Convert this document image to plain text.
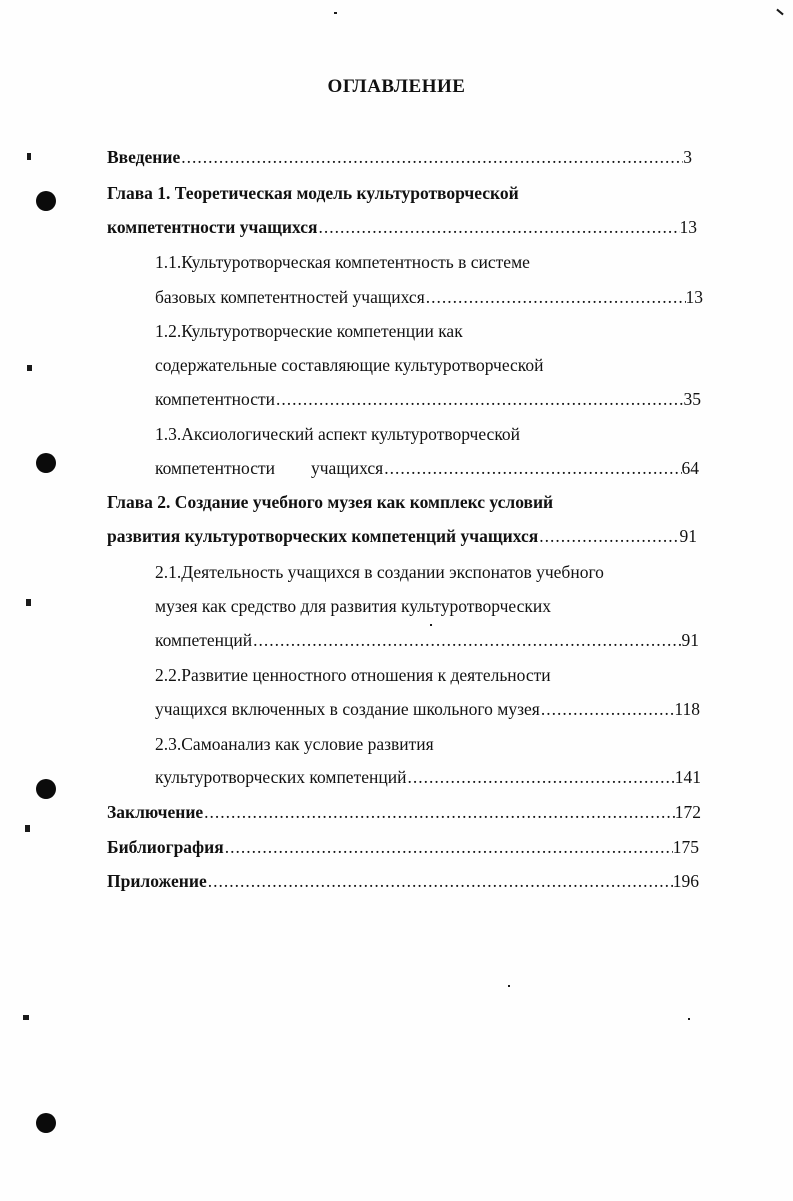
ОГЛАВЛЕНИЕ
Введение .....	3
Глава 1. Теоретическая модель культуротворческой
компетентности учащихся .....	13
1.1.Культуротворческая компетентность в системе
базовых компетентностей учащихся .....	13
1.2.Культуротворческие компетенции как
содержательные составляющие культуротворческой
компетентности .....	35
1.3.Аксиологический аспект культуротворческой
компетентности учащихся .....	64
Глава 2. Создание учебного музея как комплекс условий
развития культуротворческих компетенций учащихся .....	91
2.1.Деятельность учащихся в создании экспонатов учебного
музея как средство для развития культуротворческих
компетенций .....	91
2.2.Развитие ценностного отношения к деятельности
учащихся включенных в создание школьного музея .....	118
2.3.Самоанализ как условие развития
культуротворческих компетенций .....	141
Заключение .....	172
Библиография .....	175
Приложение .....	196
